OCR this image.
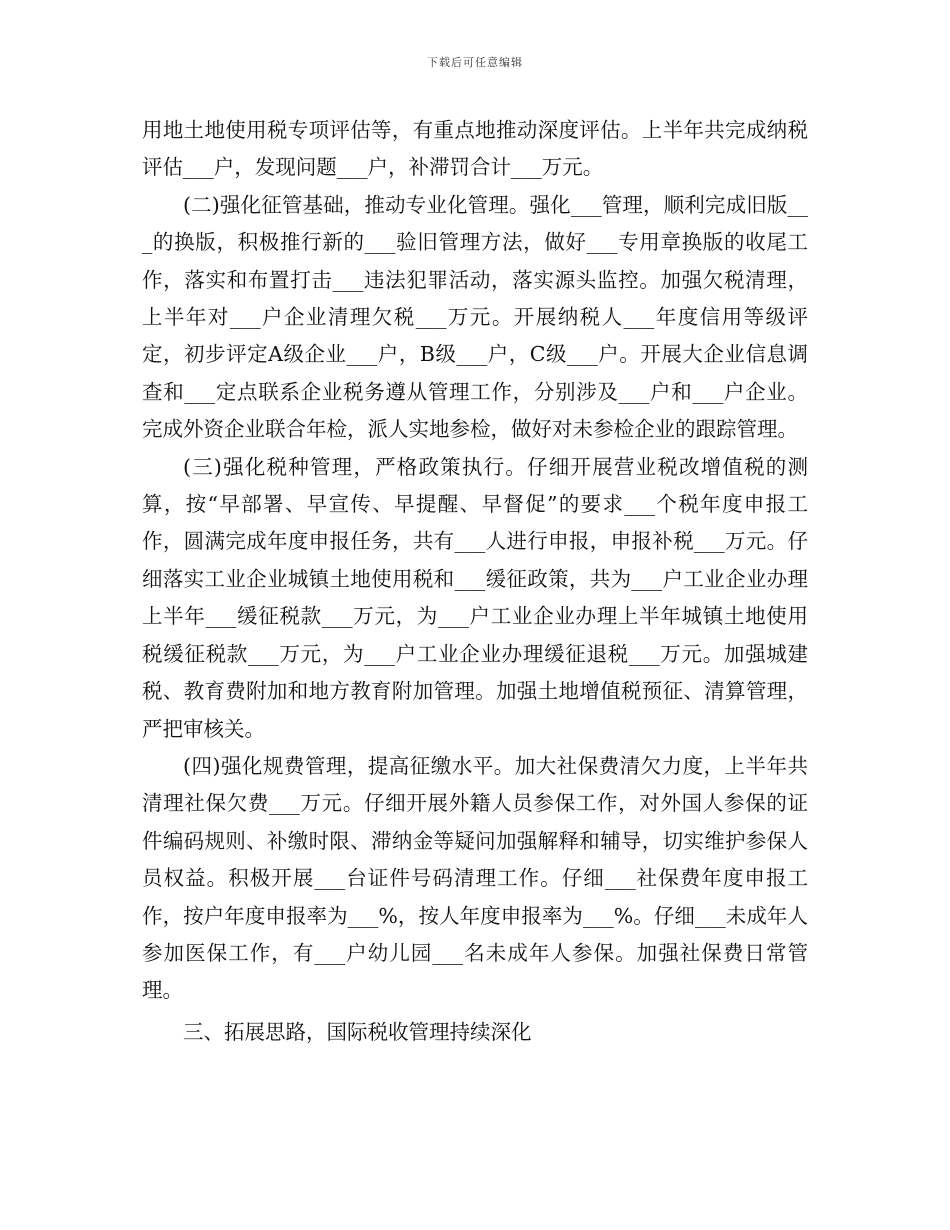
下载后可任意编辑

用地土地使用税专项评估等，有重点地推动深度评估。上半年共完成纳税评估___户，发现问题___户，补滞罚合计___万元。

(二)强化征管基础，推动专业化管理。强化___管理，顺利完成旧版___的换版，积极推行新的___验旧管理方法，做好___专用章换版的收尾工作，落实和布置打击___违法犯罪活动，落实源头监控。加强欠税清理，上半年对___户企业清理欠税___万元。开展纳税人___年度信用等级评定，初步评定A级企业___户，B级___户，C级___户。开展大企业信息调查和___定点联系企业税务遵从管理工作，分别涉及___户和___户企业。完成外资企业联合年检，派人实地参检，做好对未参检企业的跟踪管理。

(三)强化税种管理，严格政策执行。仔细开展营业税改增值税的测算，按“早部署、早宣传、早提醒、早督促”的要求___个税年度申报工作，圆满完成年度申报任务，共有___人进行申报，申报补税___万元。仔细落实工业企业城镇土地使用税和___缓征政策，共为___户工业企业办理上半年___缓征税款___万元，为___户工业企业办理上半年城镇土地使用税缓征税款___万元，为___户工业企业办理缓征退税___万元。加强城建税、教育费附加和地方教育附加管理。加强土地增值税预征、清算管理，严把审核关。

(四)强化规费管理，提高征缴水平。加大社保费清欠力度，上半年共清理社保欠费___万元。仔细开展外籍人员参保工作，对外国人参保的证件编码规则、补缴时限、滞纳金等疑问加强解释和辅导，切实维护参保人员权益。积极开展___台证件号码清理工作。仔细___社保费年度申报工作，按户年度申报率为___%，按人年度申报率为___%。仔细___未成年人参加医保工作，有___户幼儿园___名未成年人参保。加强社保费日常管理。

三、拓展思路，国际税收管理持续深化
